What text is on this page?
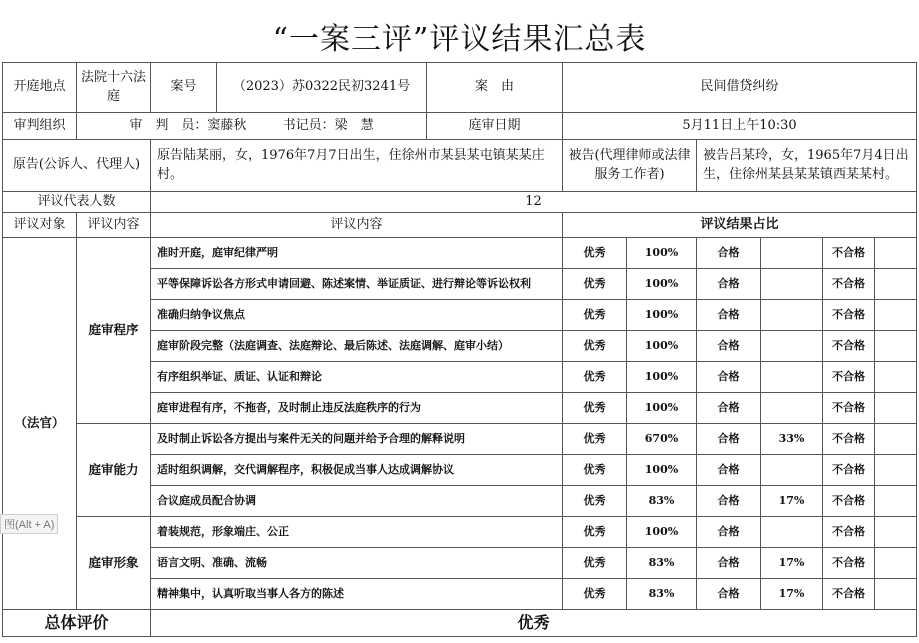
“一案三评”评议结果汇总表
开庭地点	法院十六法庭	案号	（2023）苏0322民初3241号	案　由	民间借贷纠纷					
审判组织	审　判　员：窦藤秋 书记员：梁　慧			庭审日期	5月11日上午10:30					
原告(公诉人、代理人)		原告陆某丽，女，1976年7月7日出生，住徐州市某县某屯镇某某庄村。			被告(代理律师或法律服务工作者)		被告吕某玲，女，1965年7月4日出生，住徐州某县某某镇西某某村。			
评议代表人数		12								
评议对象	评议内容	评议内容			评议结果占比					
（法官）	庭审程序	准时开庭，庭审纪律严明			优秀	100%	合格		不合格	
		平等保障诉讼各方形式申请回避、陈述案情、举证质证、进行辩论等诉讼权利			优秀	100%	合格		不合格	
		准确归纳争议焦点			优秀	100%	合格		不合格	
		庭审阶段完整（法庭调查、法庭辩论、最后陈述、法庭调解、庭审小结）			优秀	100%	合格		不合格	
		有序组织举证、质证、认证和辩论			优秀	100%	合格		不合格	
		庭审进程有序，不拖沓，及时制止违反法庭秩序的行为			优秀	100%	合格		不合格	
	庭审能力	及时制止诉讼各方提出与案件无关的问题并给予合理的解释说明			优秀	670%	合格	33%	不合格	
		适时组织调解，交代调解程序，积极促成当事人达成调解协议			优秀	100%	合格		不合格	
		合议庭成员配合协调			优秀	83%	合格	17%	不合格	
	庭审形象	着装规范，形象端庄、公正			优秀	100%	合格		不合格	
		语言文明、准确、流畅			优秀	83%	合格	17%	不合格	
		精神集中，认真听取当事人各方的陈述			优秀	83%	合格	17%	不合格	
总体评价		优秀								
图(Alt + A)
